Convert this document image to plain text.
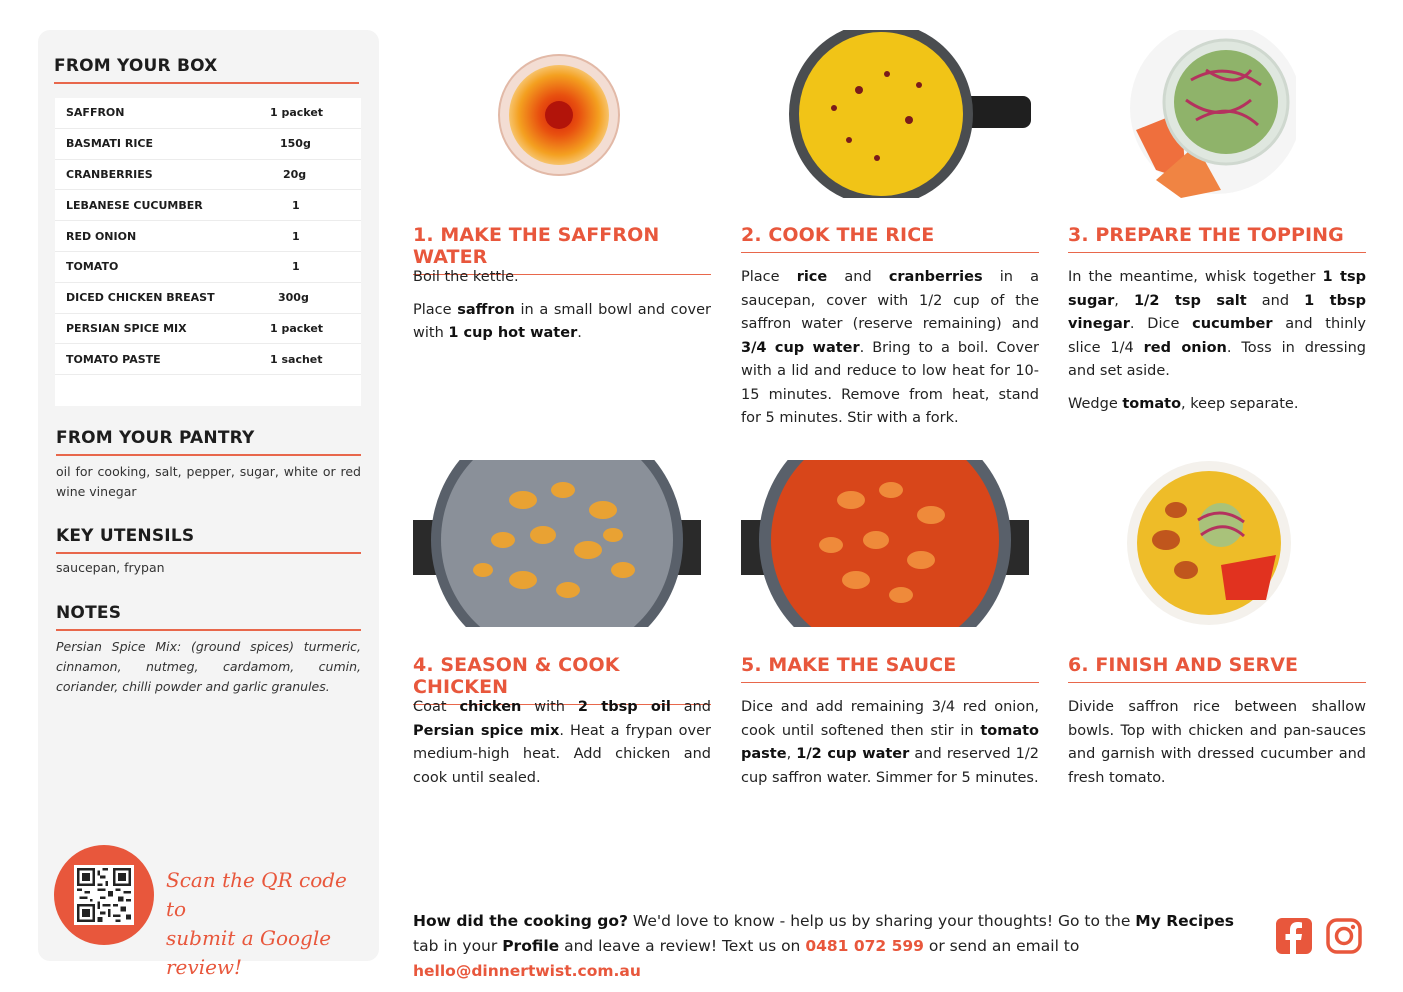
FROM YOUR BOX
SAFFRON	1 packet
BASMATI RICE	150g
CRANBERRIES	20g
LEBANESE CUCUMBER	1
RED ONION	1
TOMATO	1
DICED CHICKEN BREAST	300g
PERSIAN SPICE MIX	1 packet
TOMATO PASTE	1 sachet
FROM YOUR PANTRY
oil for cooking, salt, pepper, sugar, white or red wine vinegar
KEY UTENSILS
saucepan, frypan
NOTES
Persian Spice Mix: (ground spices) turmeric, cinnamon, nutmeg, cardamom, cumin, coriander, chilli powder and garlic granules.
Scan the QR code to
submit a Google review!
1. MAKE THE SAFFRON WATER

Boil the kettle.

Place saffron in a small bowl and cover with 1 cup hot water.

2. COOK THE RICE

Place rice and cranberries in a saucepan, cover with 1/2 cup of the saffron water (reserve remaining) and 3/4 cup water. Bring to a boil. Cover with a lid and reduce to low heat for 10-15 minutes. Remove from heat, stand for 5 minutes. Stir with a fork.

3. PREPARE THE TOPPING

In the meantime, whisk together 1 tsp sugar, 1/2 tsp salt and 1 tbsp vinegar. Dice cucumber and thinly slice 1/4 red onion. Toss in dressing and set aside.

Wedge tomato, keep separate.

4. SEASON & COOK CHICKEN

Coat chicken with 2 tbsp oil and Persian spice mix. Heat a frypan over medium-high heat. Add chicken and cook until sealed.

5. MAKE THE SAUCE

Dice and add remaining 3/4 red onion, cook until softened then stir in tomato paste, 1/2 cup water and reserved 1/2 cup saffron water. Simmer for 5 minutes.

6. FINISH AND SERVE

Divide saffron rice between shallow bowls. Top with chicken and pan-sauces and garnish with dressed cucumber and fresh tomato.

How did the cooking go? We'd love to know - help us by sharing your thoughts! Go to the My Recipes tab in your Profile and leave a review! Text us on 0481 072 599 or send an email to hello@dinnertwist.com.au
